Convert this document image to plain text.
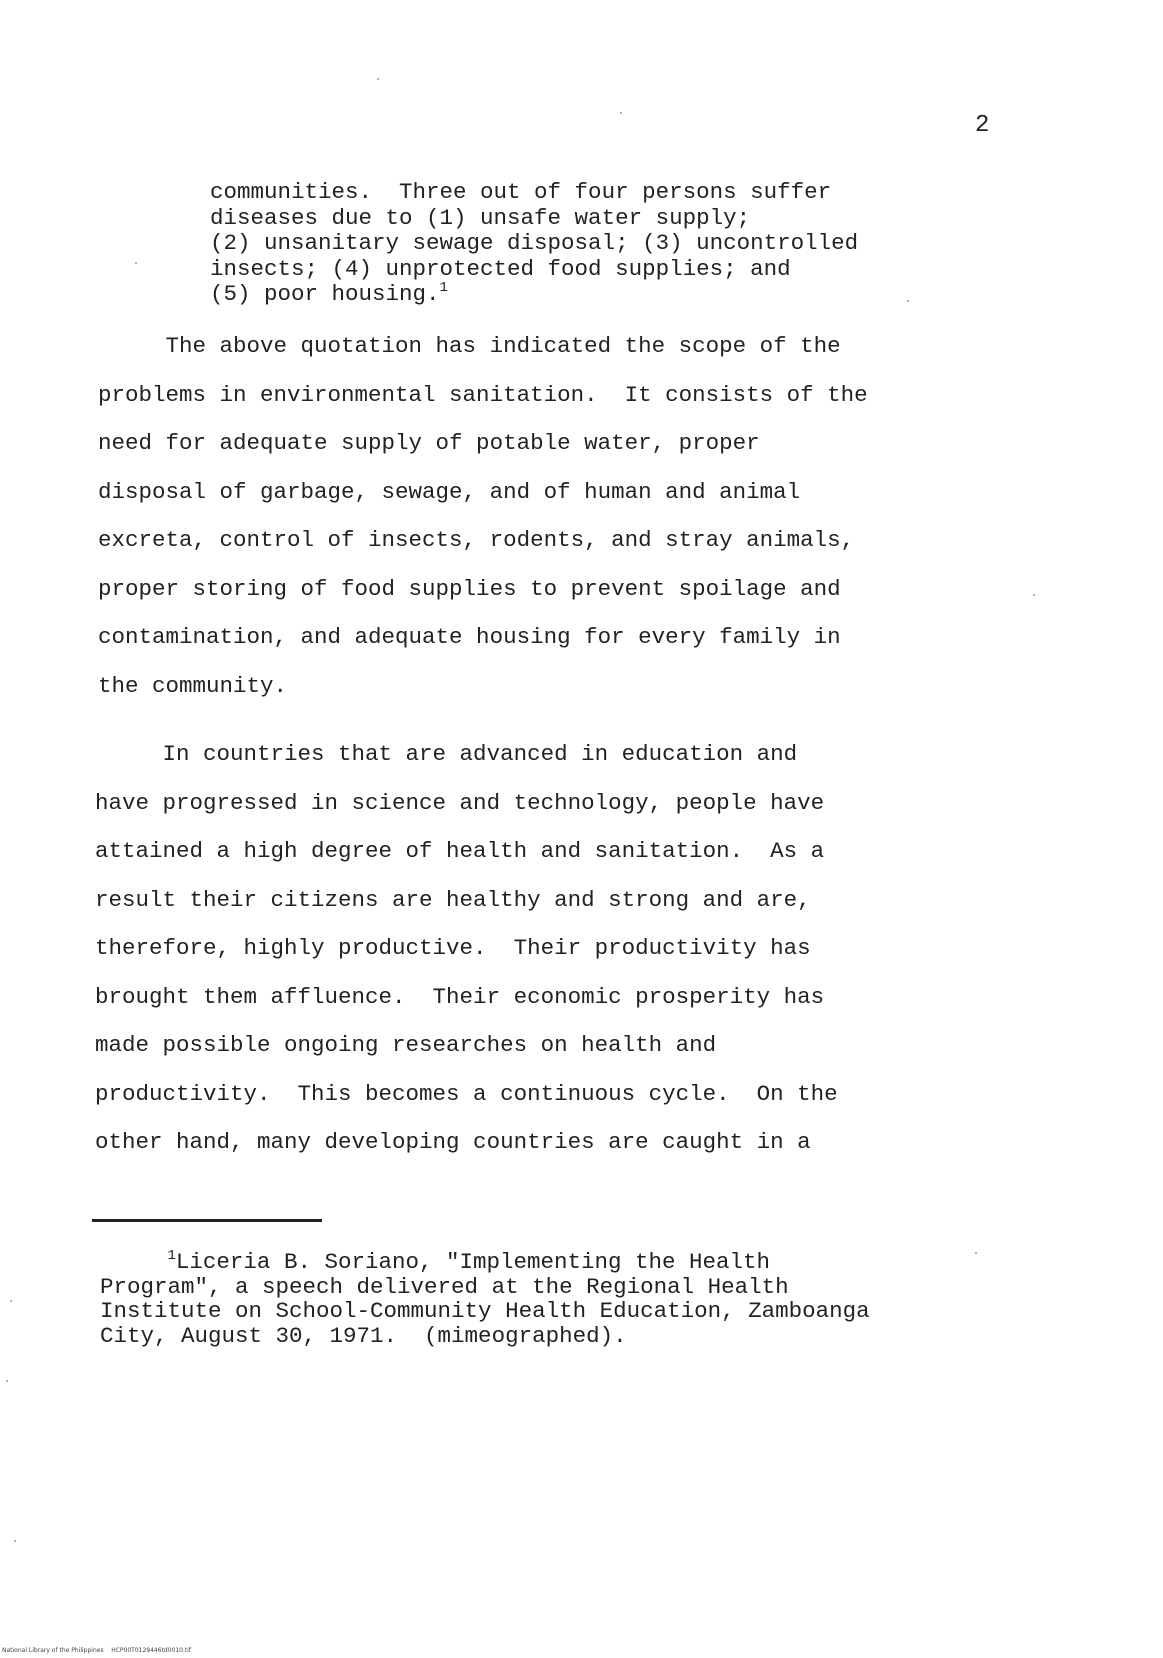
2
communities.  Three out of four persons suffer
diseases due to (1) unsafe water supply;
(2) unsanitary sewage disposal; (3) uncontrolled
insects; (4) unprotected food supplies; and
(5) poor housing.$^1$
The above quotation has indicated the scope of the
problems in environmental sanitation.  It consists of the
need for adequate supply of potable water, proper
disposal of garbage, sewage, and of human and animal
excreta, control of insects, rodents, and stray animals,
proper storing of food supplies to prevent spoilage and
contamination, and adequate housing for every family in
the community.
In countries that are advanced in education and
have progressed in science and technology, people have
attained a high degree of health and sanitation.  As a
result their citizens are healthy and strong and are,
therefore, highly productive.  Their productivity has
brought them affluence.  Their economic prosperity has
made possible ongoing researches on health and
productivity.  This becomes a continuous cycle.  On the
other hand, many developing countries are caught in a
$^1$Liceria B. Soriano, "Implementing the Health
Program", a speech delivered at the Regional Health
Institute on School-Community Health Education, Zamboanga
City, August 30, 1971.  (mimeographed).
National Library of the Philippines    HCP00T0129446td0010.tif
